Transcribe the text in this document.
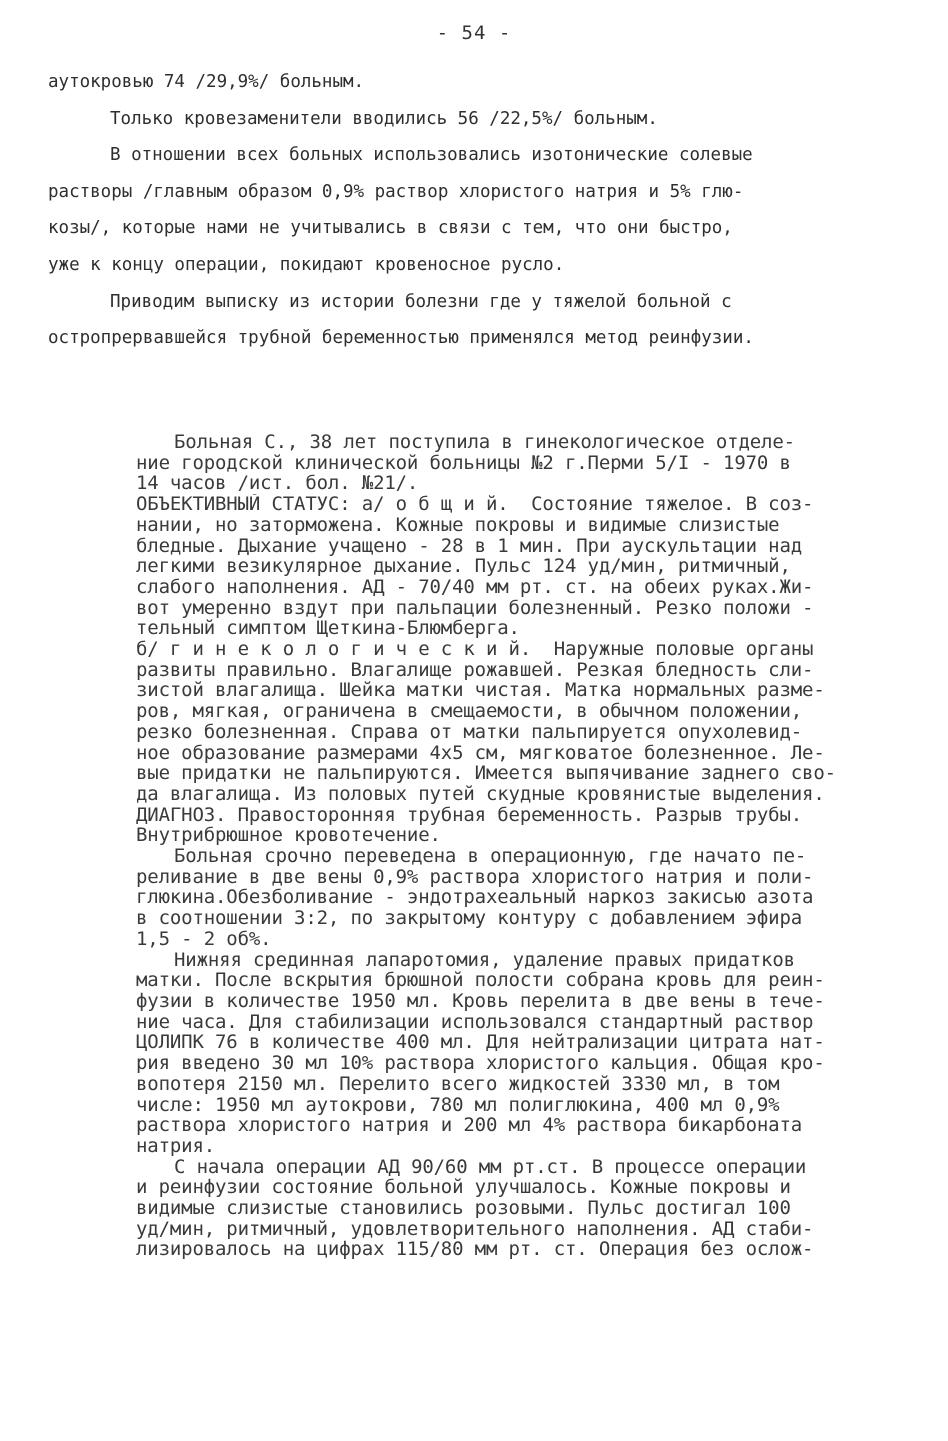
- 54 -
аутокровью 74 /29,9%/ больным.
Только кровезаменители вводились 56 /22,5%/ больным.
В отношении всех больных использовались изотонические солевые
растворы /главным образом 0,9% раствор хлористого натрия и 5% глю-
козы/, которые нами не учитывались в связи с тем, что они быстро,
уже к концу операции, покидают кровеносное русло.
Приводим выписку из истории болезни где у тяжелой больной с
остропрервавшейся трубной беременностью применялся метод реинфузии.
Больная С., 38 лет поступила в гинекологическое отделе-
ние городской клинической больницы №2 г.Перми 5/I - 1970 в
14 часов /ист. бол. №21/.
ОБЪЕКТИВНЫЙ СТАТУС: а/ о б щ и й.  Состояние тяжелое. В соз-
нании, но заторможена. Кожные покровы и видимые слизистые
бледные. Дыхание учащено - 28 в 1 мин. При аускультации над
легкими везикулярное дыхание. Пульс 124 уд/мин, ритмичный,
слабого наполнения. АД - 70/40 мм рт. ст. на обеих руках.Жи-
вот умеренно вздут при пальпации болезненный. Резко положи -
тельный симптом Щеткина-Блюмберга.
б/ г и н е к о л о г и ч е с к и й.  Наружные половые органы
развиты правильно. Влагалище рожавшей. Резкая бледность сли-
зистой влагалища. Шейка матки чистая. Матка нормальных разме-
ров, мягкая, ограничена в смещаемости, в обычном положении,
резко болезненная. Справа от матки пальпируется опухолевид-
ное образование размерами 4х5 см, мягковатое болезненное. Ле-
вые придатки не пальпируются. Имеется выпячивание заднего сво-
да влагалища. Из половых путей скудные кровянистые выделения.
ДИАГНОЗ. Правосторонняя трубная беременность. Разрыв трубы.
Внутрибрюшное кровотечение.
Больная срочно переведена в операционную, где начато пе-
реливание в две вены 0,9% раствора хлористого натрия и поли-
глюкина.Обезболивание - эндотрахеальный наркоз закисью азота
в соотношении 3:2, по закрытому контуру с добавлением эфира
1,5 - 2 об%.
Нижняя срединная лапаротомия, удаление правых придатков
матки. После вскрытия брюшной полости собрана кровь для реин-
фузии в количестве 1950 мл. Кровь перелита в две вены в тече-
ние часа. Для стабилизации использовался стандартный раствор
ЦОЛИПК 76 в количестве 400 мл. Для нейтрализации цитрата нат-
рия введено 30 мл 10% раствора хлористого кальция. Общая кро-
вопотеря 2150 мл. Перелито всего жидкостей 3330 мл, в том
числе: 1950 мл аутокрови, 780 мл полиглюкина, 400 мл 0,9%
раствора хлористого натрия и 200 мл 4% раствора бикарбоната
натрия.
С начала операции АД 90/60 мм рт.ст. В процессе операции
и реинфузии состояние больной улучшалось. Кожные покровы и
видимые слизистые становились розовыми. Пульс достигал 100
уд/мин, ритмичный, удовлетворительного наполнения. АД стаби-
лизировалось на цифрах 115/80 мм рт. ст. Операция без ослож-
